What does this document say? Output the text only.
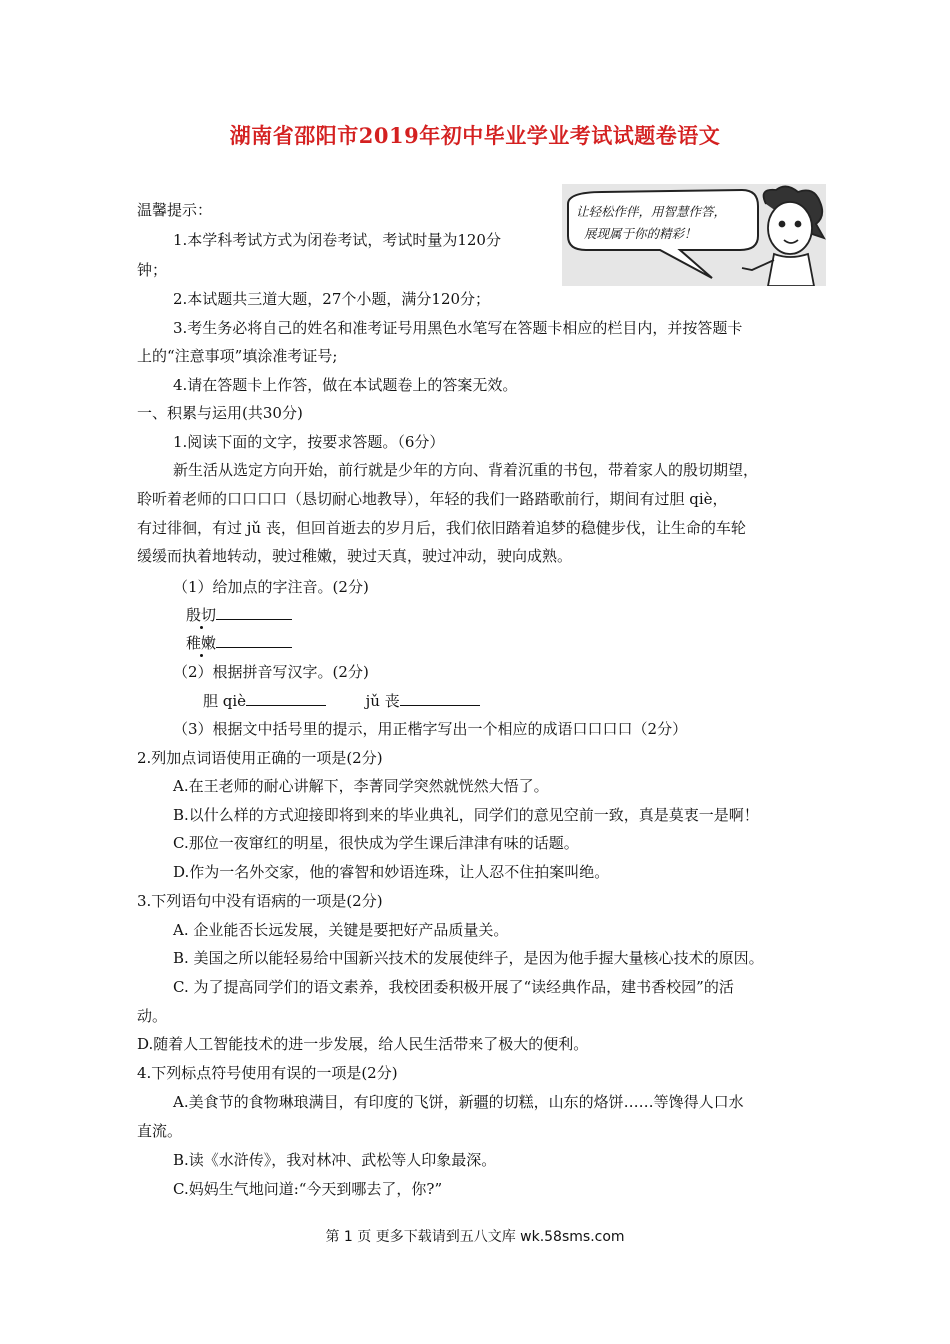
湖南省邵阳市2019年初中毕业学业考试试题卷语文
让轻松作伴，用智慧作答，
展现属于你的精彩！
温馨提示：
1.本学科考试方式为闭卷考试，考试时量为120分
钟；
2.本试题共三道大题，27个小题，满分120分；
3.考生务必将自己的姓名和准考证号用黑色水笔写在答题卡相应的栏目内，并按答题卡
上的“注意事项”填涂准考证号;
4.请在答题卡上作答，做在本试题卷上的答案无效。
一、积累与运用(共30分)
1.阅读下面的文字，按要求答题。（6分）
新生活从选定方向开始，前行就是少年的方向、背着沉重的书包，带着家人的殷切期望，
聆听着老师的口口口口（恳切耐心地教导），年轻的我们一路踏歌前行，期间有过胆 qiè，
有过徘徊，有过 jǔ 丧，但回首逝去的岁月后，我们依旧踏着追梦的稳健步伐，让生命的车轮
缓缓而执着地转动，驶过稚嫩，驶过天真，驶过冲动，驶向成熟。
（1）给加点的字注音。(2分)
殷切
稚嫩
（2）根据拼音写汉字。(2分)
胆 qiè	jǔ 丧
（3）根据文中括号里的提示，用正楷字写出一个相应的成语口口口口（2分）
2.列加点词语使用正确的一项是(2分)
A.在王老师的耐心讲解下，李菁同学突然就恍然大悟了。
B.以什么样的方式迎接即将到来的毕业典礼，同学们的意见空前一致，真是莫衷一是啊！
C.那位一夜窜红的明星，很快成为学生课后津津有味的话题。
D.作为一名外交家，他的睿智和妙语连珠，让人忍不住拍案叫绝。
3.下列语句中没有语病的一项是(2分)
A. 企业能否长远发展，关键是要把好产品质量关。
B. 美国之所以能轻易给中国新兴技术的发展使绊子，是因为他手握大量核心技术的原因。
C. 为了提高同学们的语文素养，我校团委积极开展了“读经典作品，建书香校园”的活
动。
D.随着人工智能技术的进一步发展，给人民生活带来了极大的便利。
4.下列标点符号使用有误的一项是(2分)
A.美食节的食物琳琅满目，有印度的飞饼，新疆的切糕，山东的烙饼……等馋得人口水
直流。
B.读《水浒传》，我对林冲、武松等人印象最深。
C.妈妈生气地问道:“今天到哪去了，你?”
第 1 页 更多下载请到五八文库 wk.58sms.com
